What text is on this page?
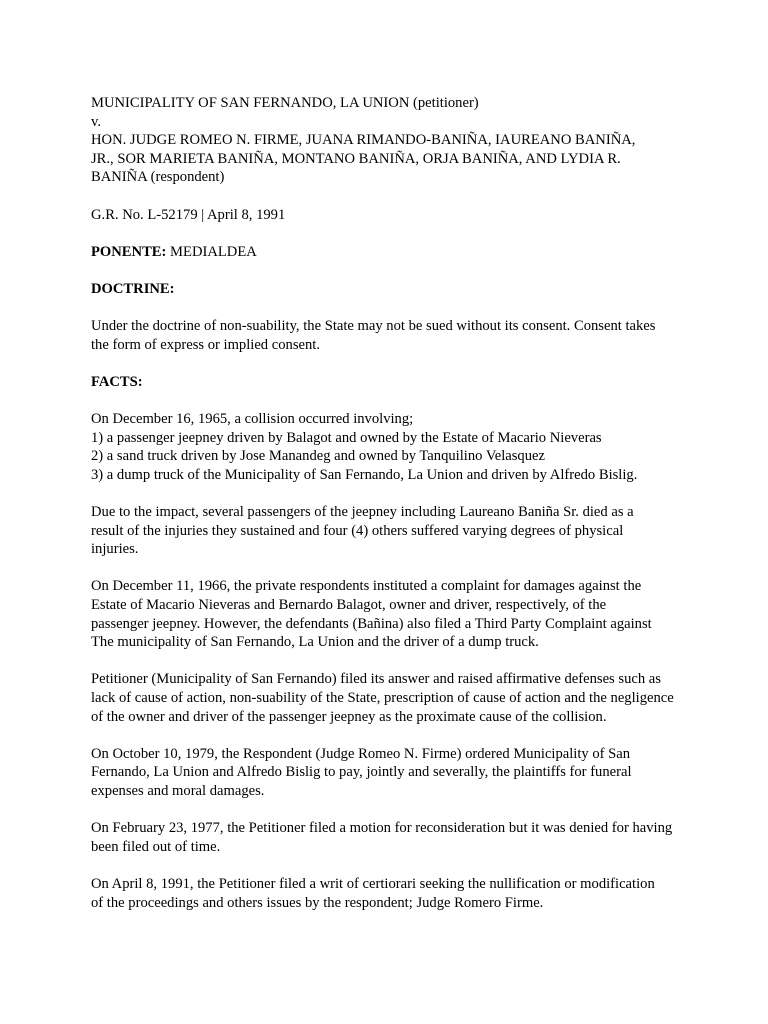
MUNICIPALITY OF SAN FERNANDO, LA UNION (petitioner)
v.
HON. JUDGE ROMEO N. FIRME, JUANA RIMANDO-BANIÑA, IAUREANO BANIÑA,
JR., SOR MARIETA BANIÑA, MONTANO BANIÑA, ORJA BANIÑA, AND LYDIA R.
BANIÑA (respondent)
G.R. No. L-52179 | April 8, 1991
PONENTE: MEDIALDEA
DOCTRINE:
Under the doctrine of non-suability, the State may not be sued without its consent. Consent takes
the form of express or implied consent.
FACTS:
On December 16, 1965, a collision occurred involving;
1) a passenger jeepney driven by Balagot and owned by the Estate of Macario Nieveras
2) a sand truck driven by Jose Manandeg and owned by Tanquilino Velasquez
3) a dump truck of the Municipality of San Fernando, La Union and driven by Alfredo Bislig.
Due to the impact, several passengers of the jeepney including Laureano Baniña Sr. died as a
result of the injuries they sustained and four (4) others suffered varying degrees of physical
injuries.
On December 11, 1966, the private respondents instituted a complaint for damages against the
Estate of Macario Nieveras and Bernardo Balagot, owner and driver, respectively, of the
passenger jeepney. However, the defendants (Bañina) also filed a Third Party Complaint against
The municipality of San Fernando, La Union and the driver of a dump truck.
Petitioner (Municipality of San Fernando) filed its answer and raised affirmative defenses such as
lack of cause of action, non-suability of the State, prescription of cause of action and the negligence
of the owner and driver of the passenger jeepney as the proximate cause of the collision.
On October 10, 1979, the Respondent (Judge Romeo N. Firme) ordered Municipality of San
Fernando, La Union and Alfredo Bislig to pay, jointly and severally, the plaintiffs for funeral
expenses and moral damages.
On February 23, 1977, the Petitioner filed a motion for reconsideration but it was denied for having
been filed out of time.
On April 8, 1991, the Petitioner filed a writ of certiorari seeking the nullification or modification
of the proceedings and others issues by the respondent; Judge Romero Firme.
